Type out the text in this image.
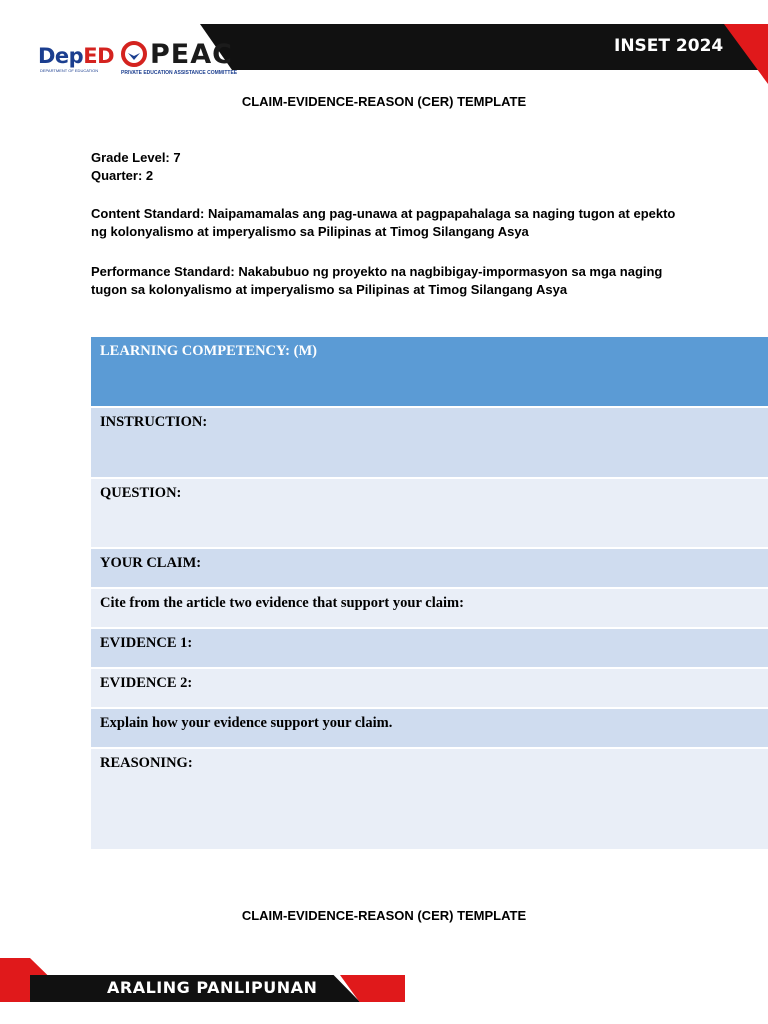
INSET 2024
DepED
DEPARTMENT OF EDUCATION
PEAC
PRIVATE EDUCATION ASSISTANCE COMMITTEE
CLAIM-EVIDENCE-REASON (CER) TEMPLATE
Grade Level: 7
Quarter: 2
Content Standard: Naipamamalas ang pag-unawa at pagpapahalaga sa naging tugon at epekto ng kolonyalismo at imperyalismo sa Pilipinas at Timog Silangang Asya
Performance Standard: Nakabubuo ng proyekto na nagbibigay-impormasyon sa mga naging tugon sa kolonyalismo at imperyalismo sa Pilipinas at Timog Silangang Asya
LEARNING COMPETENCY: (M)
INSTRUCTION:
QUESTION:
YOUR CLAIM:
Cite from the article two evidence that support your claim:
EVIDENCE 1:
EVIDENCE 2:
Explain how your evidence support your claim.
REASONING:
CLAIM-EVIDENCE-REASON (CER) TEMPLATE
ARALING PANLIPUNAN
